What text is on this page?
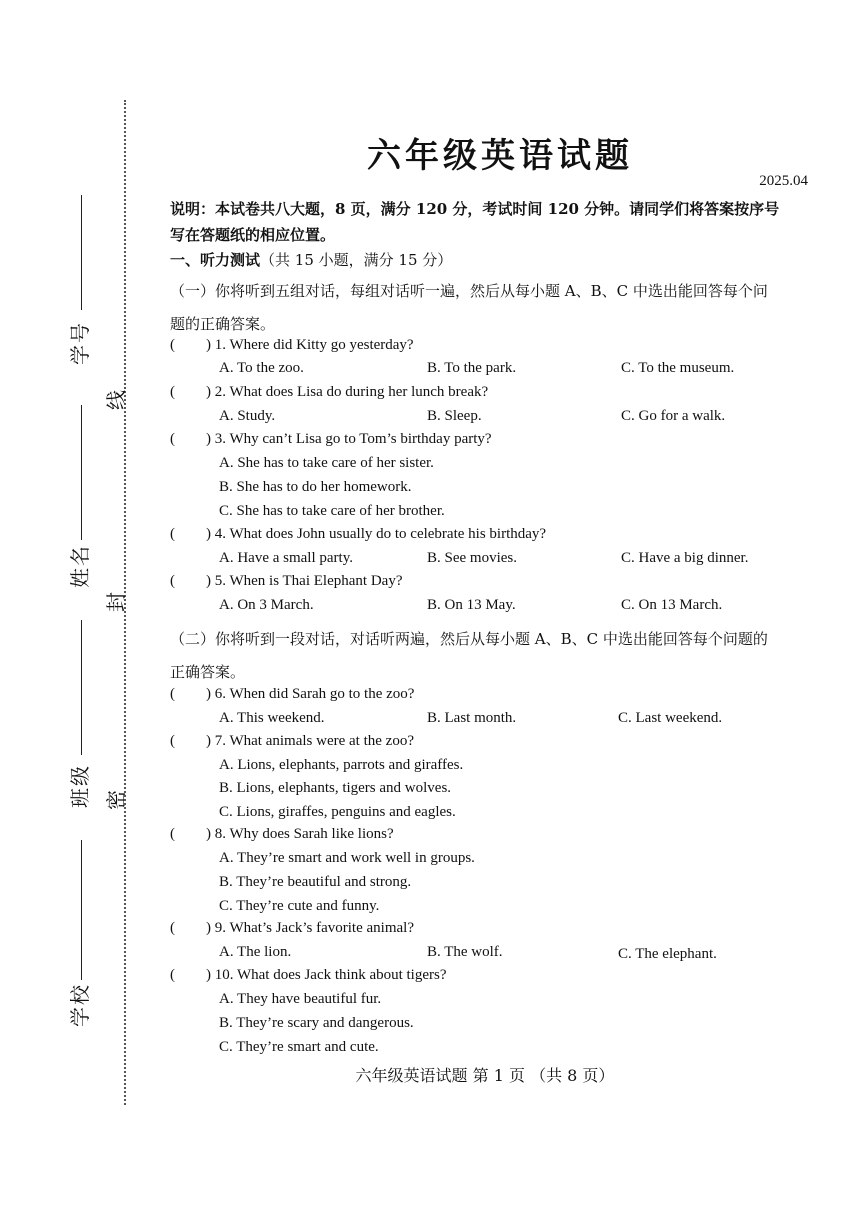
学号
姓名
班级
学校
线
封
密
六年级英语试题
2025.04
说明：本试卷共八大题，8 页，满分 120 分，考试时间 120 分钟。请同学们将答案按序号
写在答题纸的相应位置。
一、听力测试（共 15 小题，满分 15 分）
（一）你将听到五组对话，每组对话听一遍，然后从每小题 A、B、C 中选出能回答每个问
题的正确答案。
( ) 1. Where did Kitty go yesterday?
A. To the zoo.	B. To the park.	C. To the museum.
( ) 2. What does Lisa do during her lunch break?
A. Study.	B. Sleep.	C. Go for a walk.
( ) 3. Why can’t Lisa go to Tom’s birthday party?
A. She has to take care of her sister.
B. She has to do her homework.
C. She has to take care of her brother.
( ) 4. What does John usually do to celebrate his birthday?
A. Have a small party.	B. See movies.	C. Have a big dinner.
( ) 5. When is Thai Elephant Day?
A. On 3 March.	B. On 13 May.	C. On 13 March.
（二）你将听到一段对话，对话听两遍，然后从每小题 A、B、C 中选出能回答每个问题的
正确答案。
( ) 6. When did Sarah go to the zoo?
A. This weekend.	B. Last month.	C. Last weekend.
( ) 7. What animals were at the zoo?
A. Lions, elephants, parrots and giraffes.
B. Lions, elephants, tigers and wolves.
C. Lions, giraffes, penguins and eagles.
( ) 8. Why does Sarah like lions?
A. They’re smart and work well in groups.
B. They’re beautiful and strong.
C. They’re cute and funny.
( ) 9. What’s Jack’s favorite animal?
A. The lion.	B. The wolf.	C. The elephant.
( ) 10. What does Jack think about tigers?
A. They have beautiful fur.
B. They’re scary and dangerous.
C. They’re smart and cute.
六年级英语试题 第 1 页 （共 8 页）
